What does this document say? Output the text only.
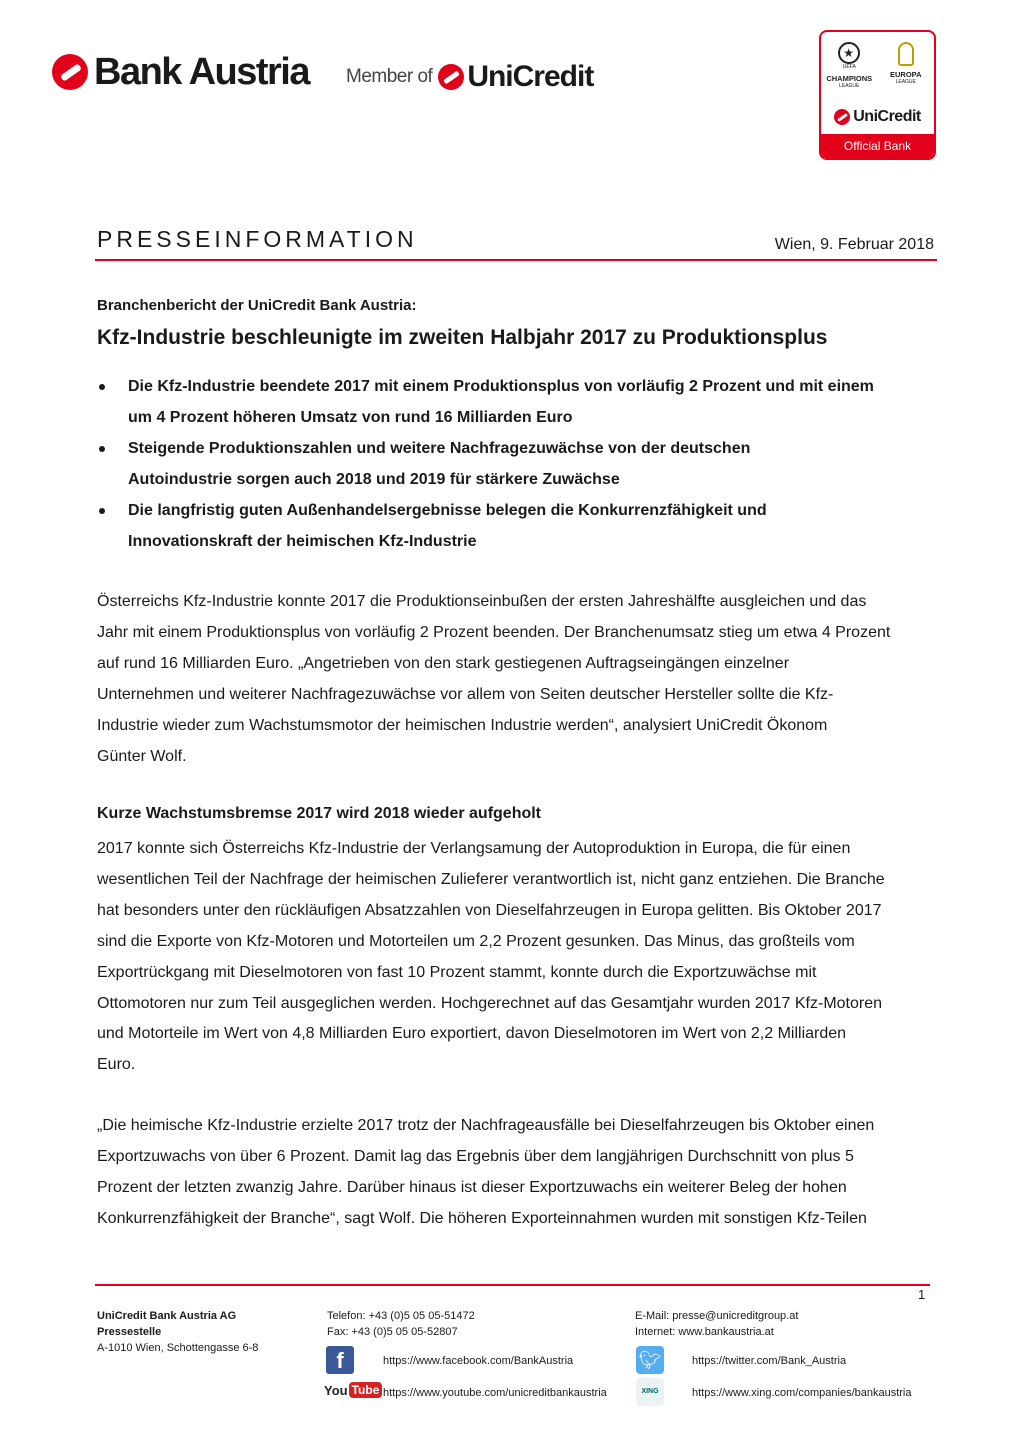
Bank Austria Member of UniCredit
★	UEFA
CHAMPIONS
LEAGUE
EUROPA
LEAGUE
UniCredit
Official Bank
PRESSEINFORMATION	Wien, 9. Februar 2018
Branchenbericht der UniCredit Bank Austria:
Kfz-Industrie beschleunigte im zweiten Halbjahr 2017 zu Produktionsplus
Die Kfz-Industrie beendete 2017 mit einem Produktionsplus von vorläufig 2 Prozent und mit einem
um 4 Prozent höheren Umsatz von rund 16 Milliarden Euro
Steigende Produktionszahlen und weitere Nachfragezuwächse von der deutschen
Autoindustrie sorgen auch 2018 und 2019 für stärkere Zuwächse
Die langfristig guten Außenhandelsergebnisse belegen die Konkurrenzfähigkeit und
Innovationskraft der heimischen Kfz-Industrie

Österreichs Kfz-Industrie konnte 2017 die Produktionseinbußen der ersten Jahreshälfte ausgleichen und das
Jahr mit einem Produktionsplus von vorläufig 2 Prozent beenden. Der Branchenumsatz stieg um etwa 4 Prozent
auf rund 16 Milliarden Euro. „Angetrieben von den stark gestiegenen Auftragseingängen einzelner
Unternehmen und weiterer Nachfragezuwächse vor allem von Seiten deutscher Hersteller sollte die Kfz-
Industrie wieder zum Wachstumsmotor der heimischen Industrie werden“, analysiert UniCredit Ökonom
Günter Wolf.

Kurze Wachstumsbremse 2017 wird 2018 wieder aufgeholt

2017 konnte sich Österreichs Kfz-Industrie der Verlangsamung der Autoproduktion in Europa, die für einen
wesentlichen Teil der Nachfrage der heimischen Zulieferer verantwortlich ist, nicht ganz entziehen. Die Branche
hat besonders unter den rückläufigen Absatzzahlen von Dieselfahrzeugen in Europa gelitten. Bis Oktober 2017
sind die Exporte von Kfz-Motoren und Motorteilen um 2,2 Prozent gesunken. Das Minus, das großteils vom
Exportrückgang mit Dieselmotoren von fast 10 Prozent stammt, konnte durch die Exportzuwächse mit
Ottomotoren nur zum Teil ausgeglichen werden. Hochgerechnet auf das Gesamtjahr wurden 2017 Kfz-Motoren
und Motorteile im Wert von 4,8 Milliarden Euro exportiert, davon Dieselmotoren im Wert von 2,2 Milliarden
Euro.

„Die heimische Kfz-Industrie erzielte 2017 trotz der Nachfrageausfälle bei Dieselfahrzeugen bis Oktober einen
Exportzuwachs von über 6 Prozent. Damit lag das Ergebnis über dem langjährigen Durchschnitt von plus 5
Prozent der letzten zwanzig Jahre. Darüber hinaus ist dieser Exportzuwachs ein weiterer Beleg der hohen
Konkurrenzfähigkeit der Branche“, sagt Wolf. Die höheren Exporteinnahmen wurden mit sonstigen Kfz-Teilen

1
UniCredit Bank Austria AG
Pressestelle
A-1010 Wien, Schottengasse 6-8
Telefon: +43 (0)5 05 05-51472
Fax: +43 (0)5 05 05-52807
E-Mail: presse@unicreditgroup.at
Internet: www.bankaustria.at
f	https://www.facebook.com/BankAustria
You Tube https://www.youtube.com/unicreditbankaustria
🐦︎	https://twitter.com/Bank_Austria
XING	https://www.xing.com/companies/bankaustria
